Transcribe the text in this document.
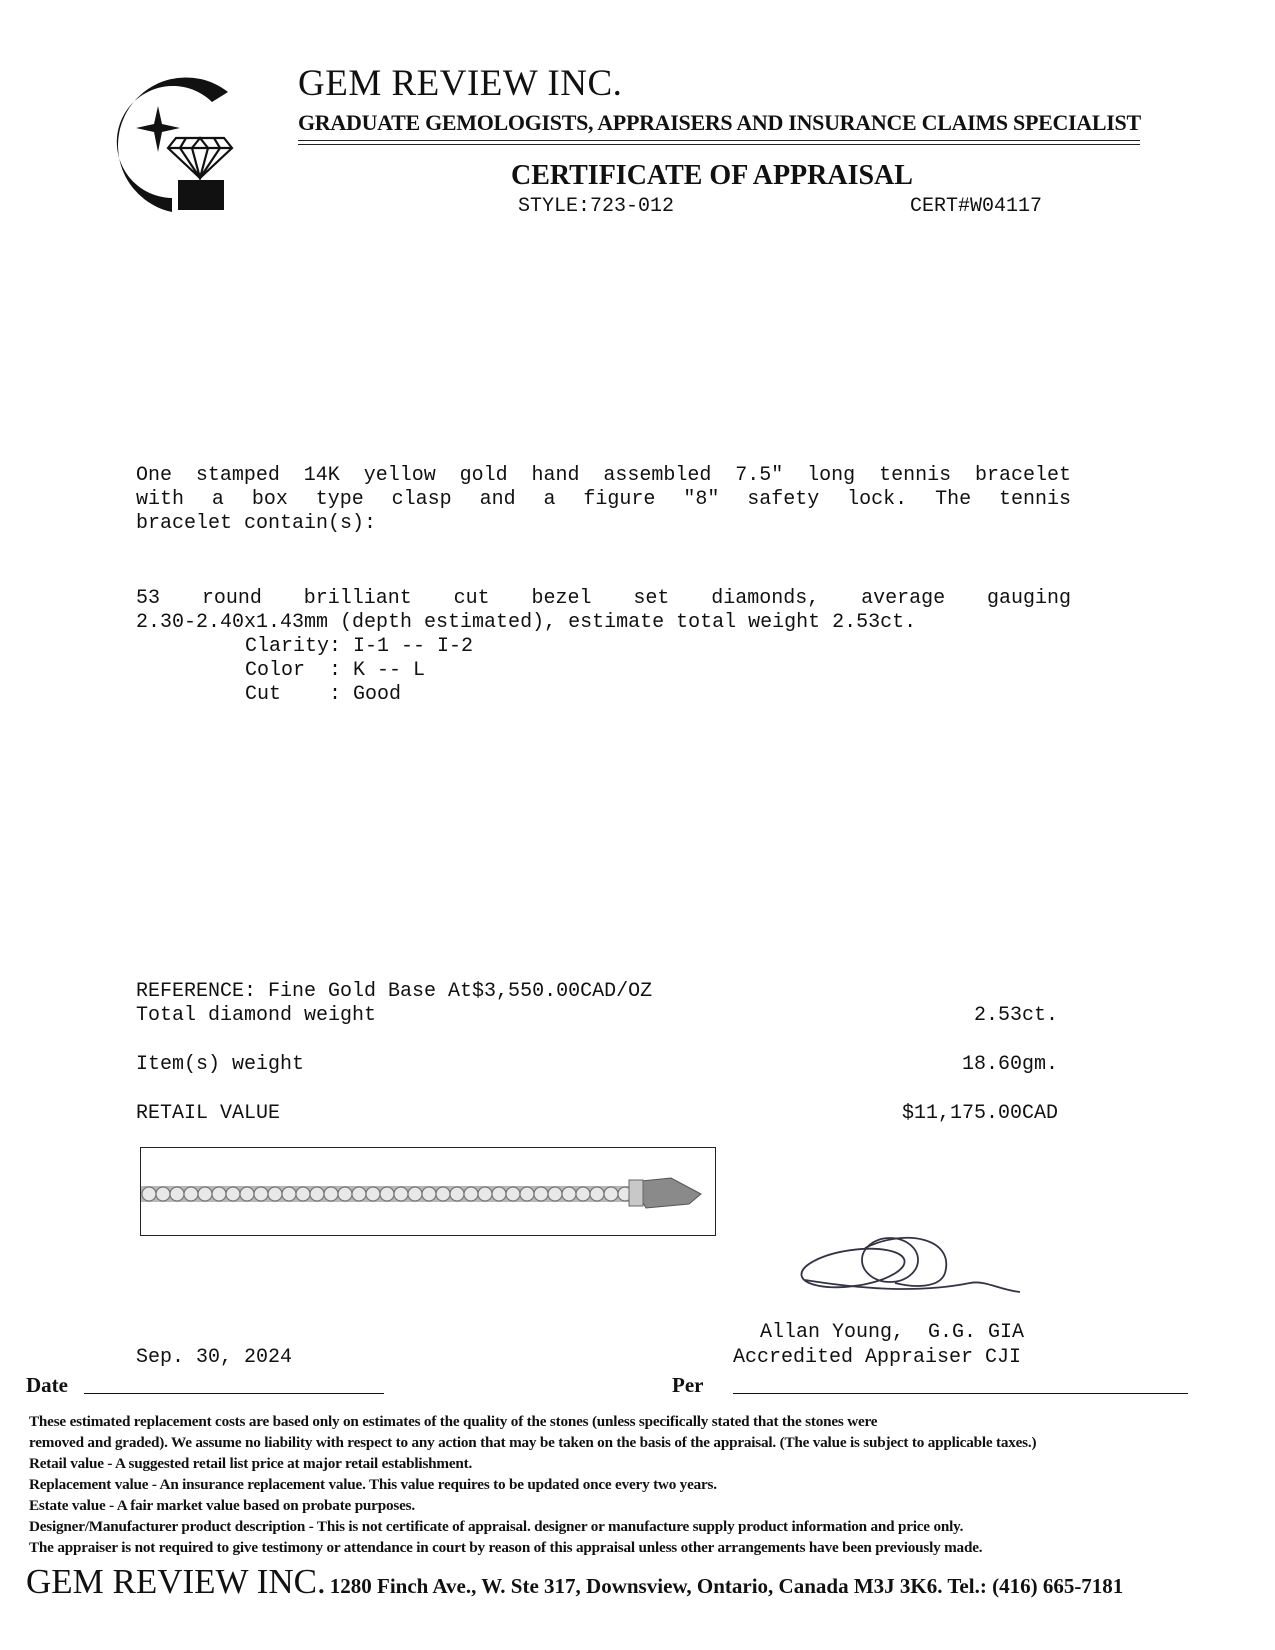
GEM REVIEW INC.
GRADUATE GEMOLOGISTS, APPRAISERS AND INSURANCE CLAIMS SPECIALIST
CERTIFICATE OF APPRAISAL
STYLE:723-012	CERT#W04117
One stamped 14K yellow gold hand assembled 7.5" long tennis bracelet
with a box type clasp and a figure "8" safety lock. The tennis
bracelet contain(s):
53 round brilliant cut bezel set diamonds, average gauging
2.30-2.40x1.43mm (depth estimated), estimate total weight 2.53ct.
Clarity: I-1 -- I-2
Color  : K -- L
Cut    : Good
REFERENCE: Fine Gold Base At$3,550.00CAD/OZ
Total diamond weight	2.53ct.
Item(s) weight	18.60gm.
RETAIL VALUE	$11,175.00CAD
Allan Young,  G.G. GIA
Accredited Appraiser CJI
Sep. 30, 2024
Date	Per
These estimated replacement costs are based only on estimates of the quality of the stones (unless specifically stated that the stones were
removed and graded). We assume no liability with respect to any action that may be taken on the basis of the appraisal. (The value is subject to applicable taxes.)
Retail value - A suggested retail list price at major retail establishment.
Replacement value - An insurance replacement value. This value requires to be updated once every two years.
Estate value - A fair market value based on probate purposes.
Designer/Manufacturer product description - This is not certificate of appraisal. designer or manufacture supply product information and price only.
The appraiser is not required to give testimony or attendance in court by reason of this appraisal unless other arrangements have been previously made.
GEM REVIEW INC. 1280 Finch Ave., W. Ste 317, Downsview, Ontario, Canada M3J 3K6. Tel.: (416) 665-7181
